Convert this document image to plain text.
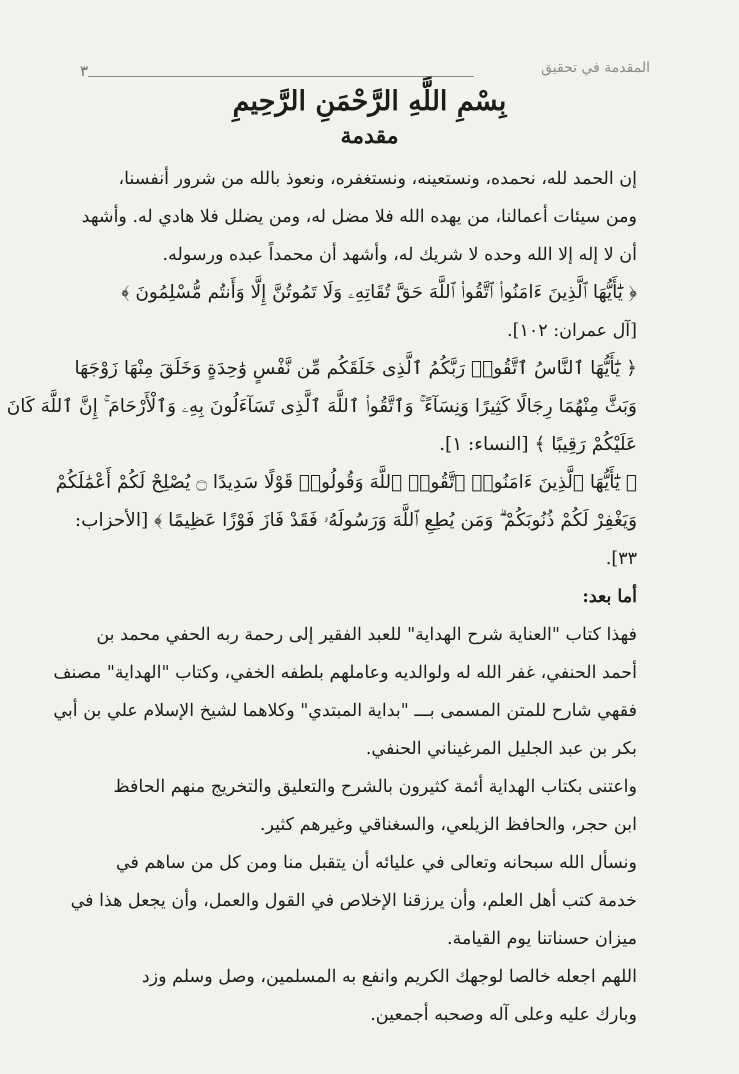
٣	المقدمة في تحقيق
بِسْمِ اللَّهِ الرَّحْمَنِ الرَّحِيمِ
مقدمة
إن الحمد لله، نحمده، ونستعينه، ونستغفره، ونعوذ بالله من شرور أنفسنا،
ومن سيئات أعمالنا، من يهده الله فلا مضل له، ومن يضلل فلا هادي له. وأشهد
أن لا إله إلا الله وحده لا شريك له، وأشهد أن محمداً عبده ورسوله.
﴿ يَٰٓأَيُّهَا ٱلَّذِينَ ءَامَنُوا۟ ٱتَّقُوا۟ ٱللَّهَ حَقَّ تُقَاتِهِۦ وَلَا تَمُوتُنَّ إِلَّا وَأَنتُم مُّسْلِمُونَ ﴾
[آل عمران: ١٠٢].
﴿ يَٰٓأَيُّهَا ٱلنَّاسُ ٱتَّقُوا۟ رَبَّكُمُ ٱلَّذِى خَلَقَكُم مِّن نَّفْسٍ وَٰحِدَةٍ وَخَلَقَ مِنْهَا زَوْجَهَا
وَبَثَّ مِنْهُمَا رِجَالًا كَثِيرًا وَنِسَآءً ۚ وَٱتَّقُوا۟ ٱللَّهَ ٱلَّذِى تَسَآءَلُونَ بِهِۦ وَٱلْأَرْحَامَ ۚ إِنَّ ٱللَّهَ كَانَ
عَلَيْكُمْ رَقِيبًا ﴾ [النساء: ١].
﴿ يَٰٓأَيُّهَا ٱلَّذِينَ ءَامَنُوا۟ ٱتَّقُوا۟ ٱللَّهَ وَقُولُوا۟ قَوْلًا سَدِيدًا ۝ يُصْلِحْ لَكُمْ أَعْمَٰلَكُمْ
وَيَغْفِرْ لَكُمْ ذُنُوبَكُمْ ۗ وَمَن يُطِعِ ٱللَّهَ وَرَسُولَهُۥ فَقَدْ فَازَ فَوْزًا عَظِيمًا ﴾ [الأحزاب:
٣٣].
أما بعد:
فهذا كتاب "العناية شرح الهداية" للعبد الفقير إلى رحمة ربه الحفي محمد بن
أحمد الحنفي، غفر الله له ولوالديه وعاملهم بلطفه الخفي، وكتاب "الهداية" مصنف
فقهي شارح للمتن المسمى بـــ "بداية المبتدي" وكلاهما لشيخ الإسلام علي بن أبي
بكر بن عبد الجليل المرغيناني الحنفي.
واعتنى بكتاب الهداية أئمة كثيرون بالشرح والتعليق والتخريج منهم الحافظ
ابن حجر، والحافظ الزيلعي، والسغناقي وغيرهم كثير.
ونسأل الله سبحانه وتعالى في عليائه أن يتقبل منا ومن كل من ساهم في
خدمة كتب أهل العلم، وأن يرزقنا الإخلاص في القول والعمل، وأن يجعل هذا في
ميزان حسناتنا يوم القيامة.
اللهم اجعله خالصا لوجهك الكريم وانفع به المسلمين، وصل وسلم وزد
وبارك عليه وعلى آله وصحبه أجمعين.
